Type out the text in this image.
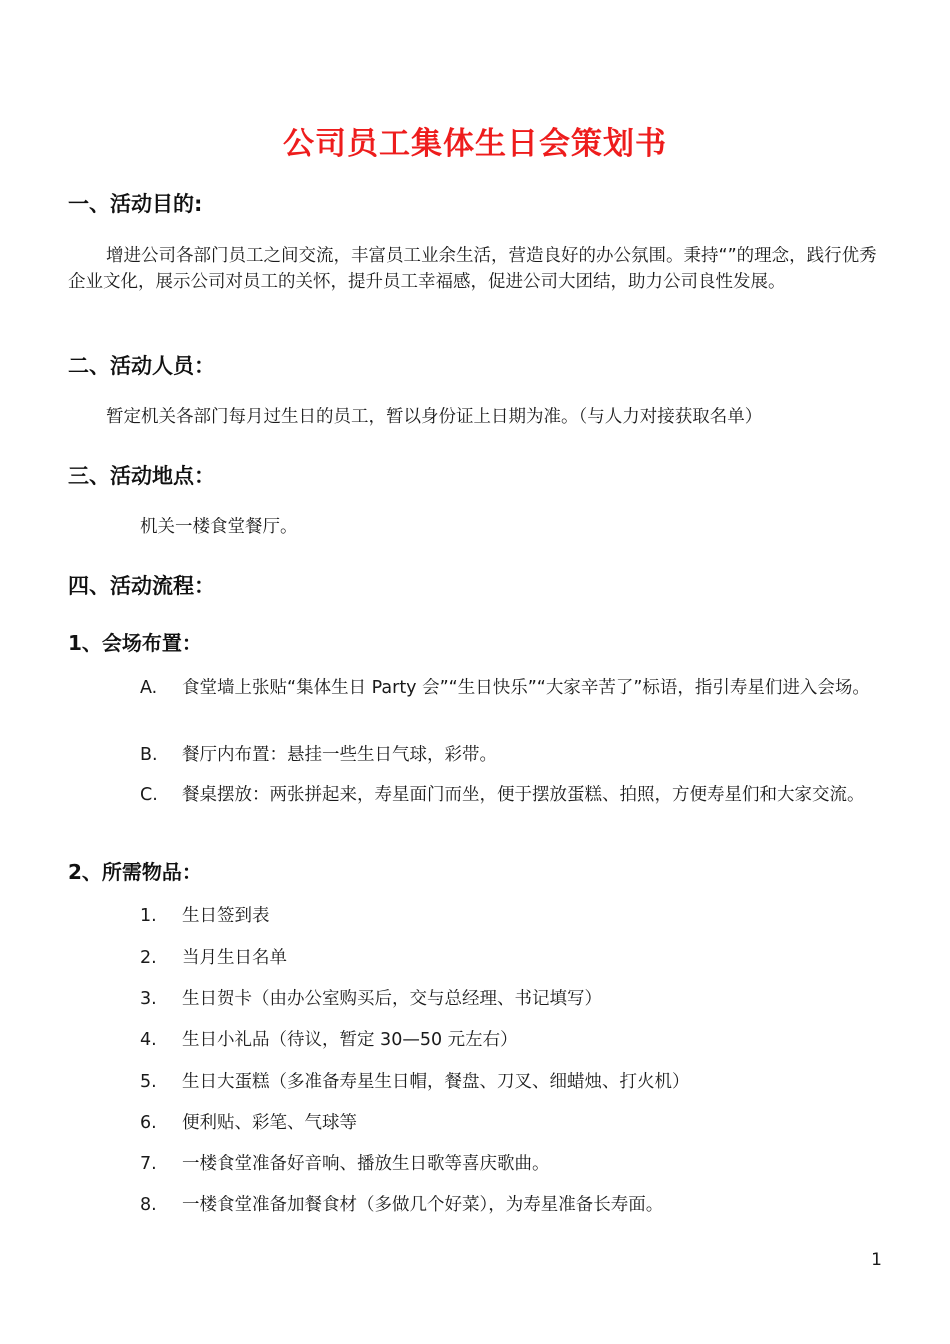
公司员工集体生日会策划书
一、活动目的:
增进公司各部门员工之间交流，丰富员工业余生活，营造良好的办公氛围。秉持“”的理念，践行优秀企业文化，展示公司对员工的关怀，提升员工幸福感，促进公司大团结，助力公司良性发展。
二、活动人员：
暂定机关各部门每月过生日的员工，暂以身份证上日期为准。（与人力对接获取名单）
三、活动地点：
机关一楼食堂餐厅。
四、活动流程：
1、会场布置：
A.	食堂墙上张贴“集体生日 Party 会”“生日快乐”“大家辛苦了”标语，指引寿星们进入会场。
B.	餐厅内布置：悬挂一些生日气球，彩带。
C.	餐桌摆放：两张拼起来，寿星面门而坐，便于摆放蛋糕、拍照，方便寿星们和大家交流。
2、所需物品：
1. 生日签到表
2. 当月生日名单
3. 生日贺卡（由办公室购买后，交与总经理、书记填写）
4. 生日小礼品（待议，暂定 30—50 元左右）
5. 生日大蛋糕（多准备寿星生日帽，餐盘、刀叉、细蜡烛、打火机）
6. 便利贴、彩笔、气球等
7. 一楼食堂准备好音响、播放生日歌等喜庆歌曲。
8. 一楼食堂准备加餐食材（多做几个好菜），为寿星准备长寿面。
1
